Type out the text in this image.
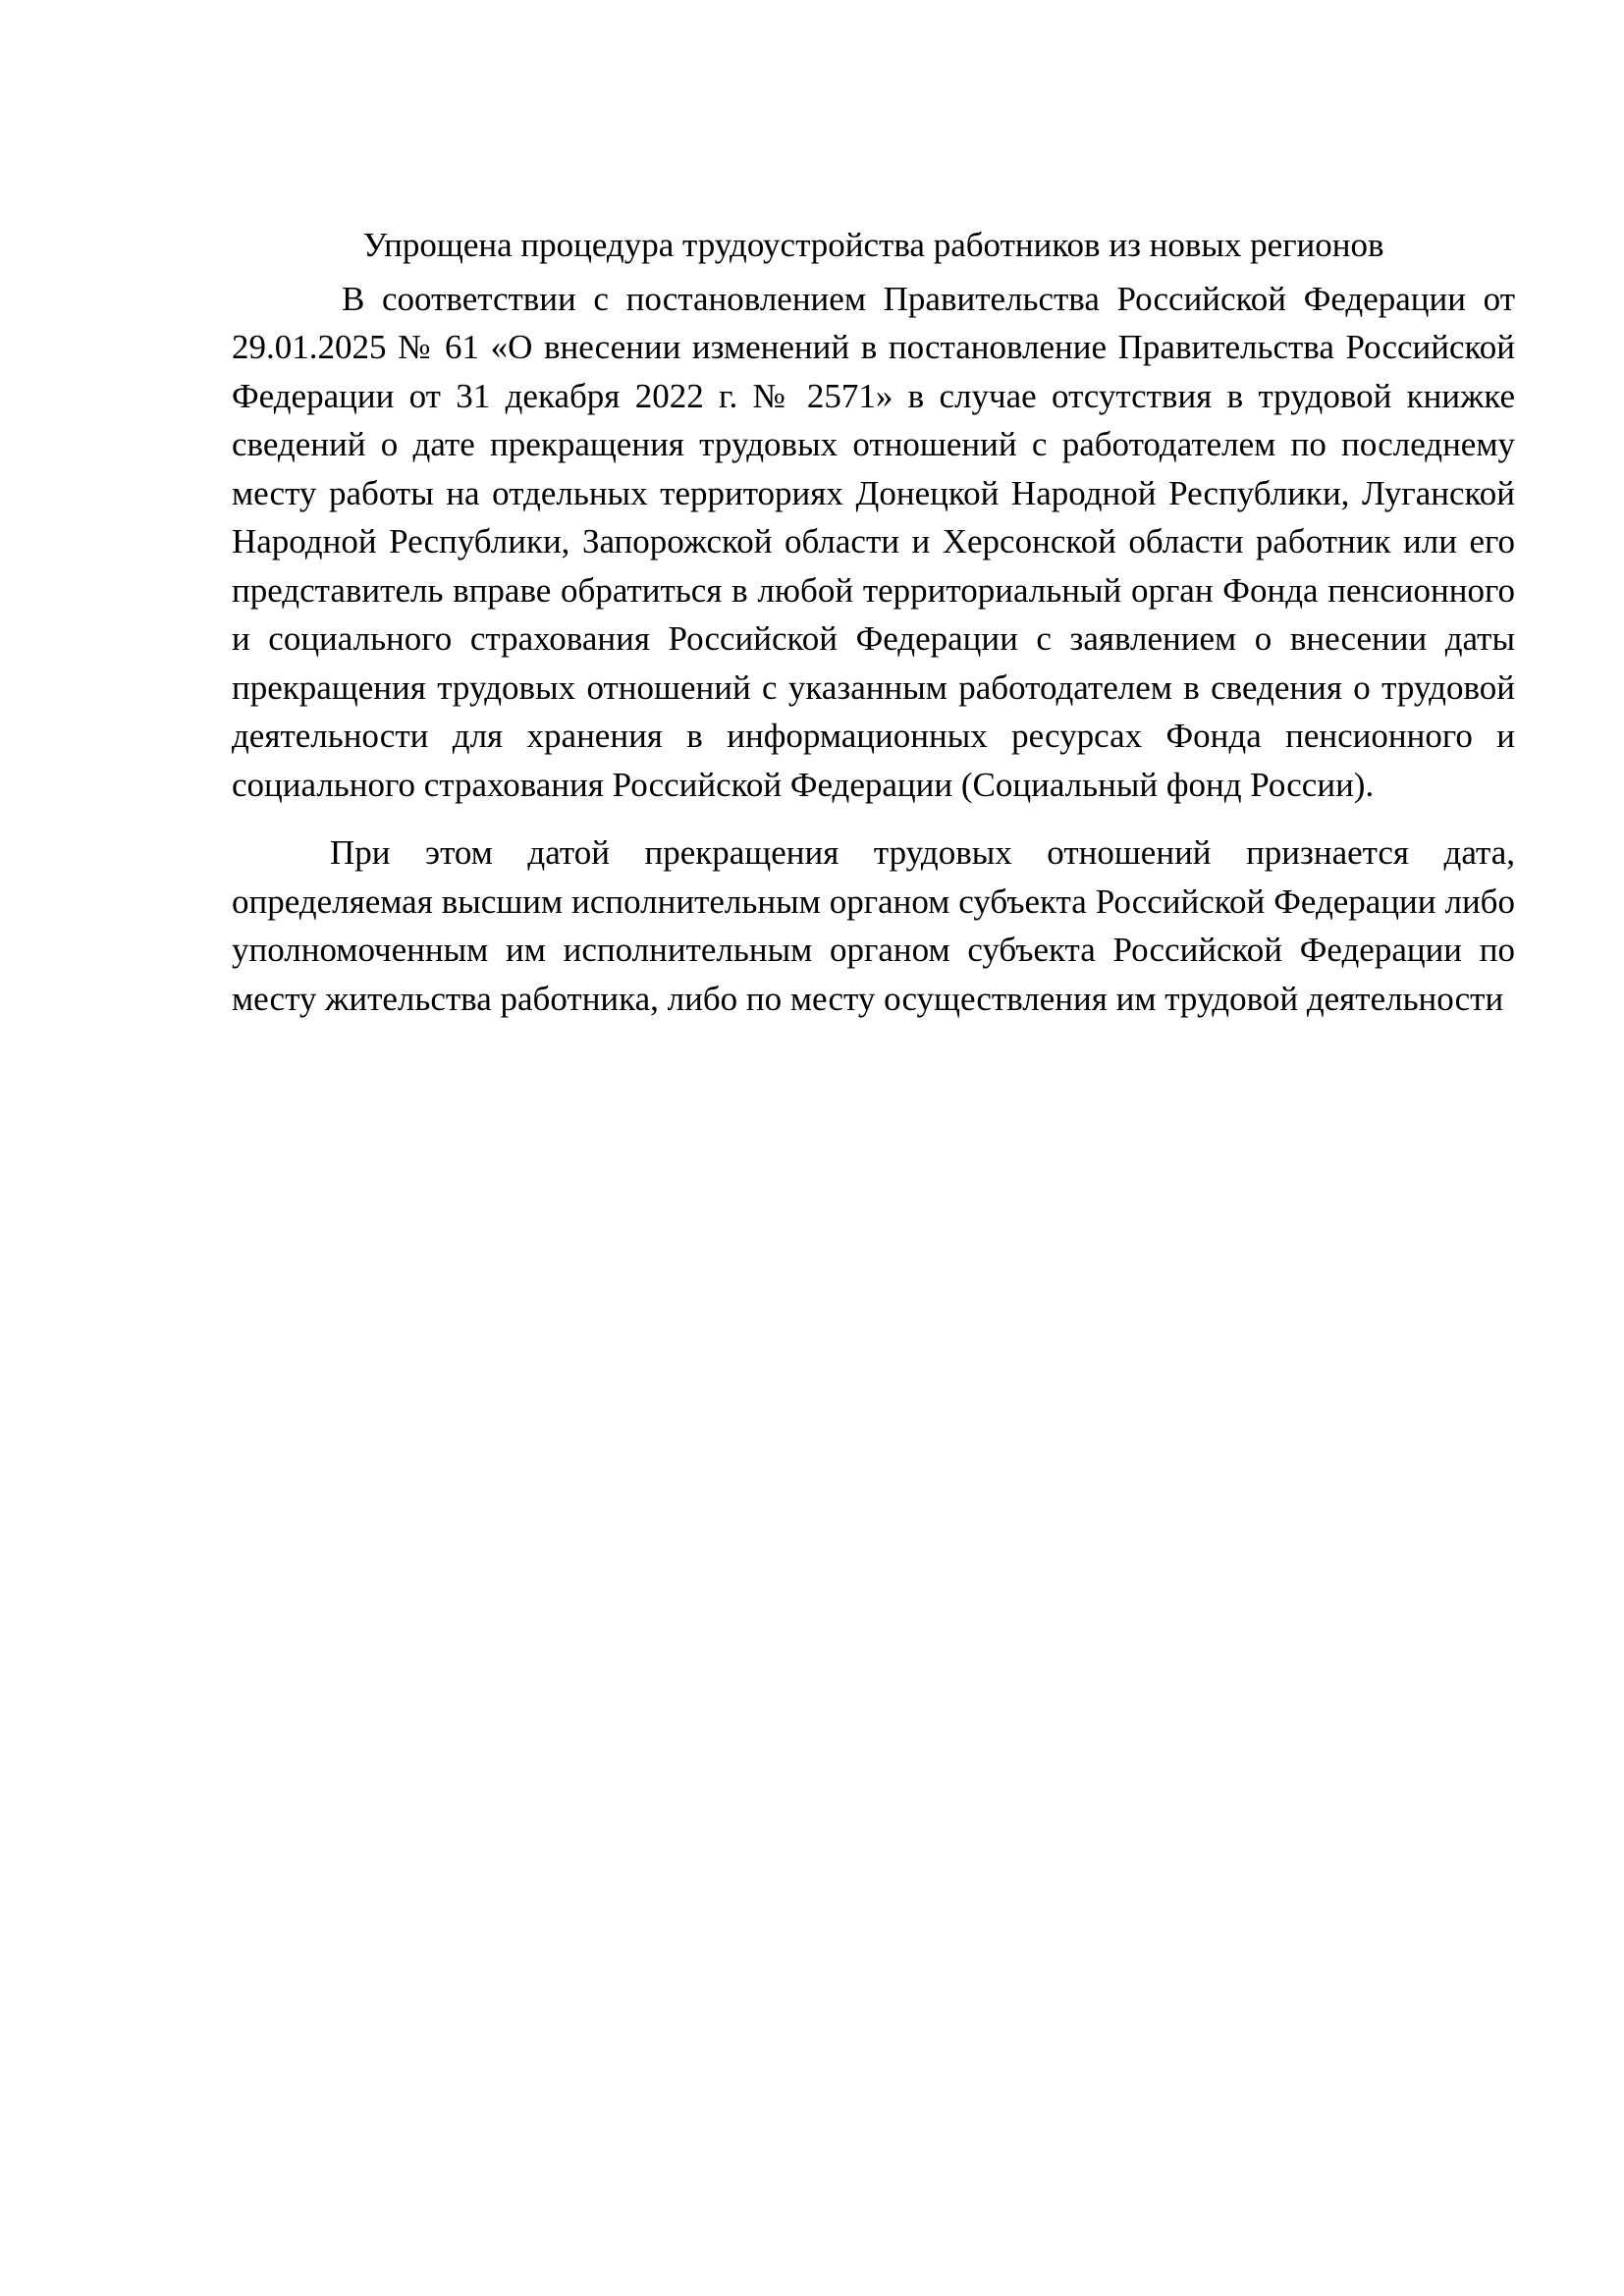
Упрощена процедура трудоустройства работников из новых регионов

В соответствии с постановлением Правительства Российской Федерации от 29.01.2025 № 61 «О внесении изменений в постановление Правительства Российской Федерации от 31 декабря 2022 г. № 2571» в случае отсутствия в трудовой книжке сведений о дате прекращения трудовых отношений с работодателем по последнему месту работы на отдельных территориях Донецкой Народной Республики, Луганской Народной Республики, Запорожской области и Херсонской области работник или его представитель вправе обратиться в любой территориальный орган Фонда пенсионного и социального страхования Российской Федерации с заявлением о внесении даты прекращения трудовых отношений с указанным работодателем в сведения о трудовой деятельности для хранения в информационных ресурсах Фонда пенсионного и социального страхования Российской Федерации (Социальный фонд России).

При этом датой прекращения трудовых отношений признается дата, определяемая высшим исполнительным органом субъекта Российской Федерации либо уполномоченным им исполнительным органом субъекта Российской Федерации по месту жительства работника, либо по месту осуществления им трудовой деятельности
